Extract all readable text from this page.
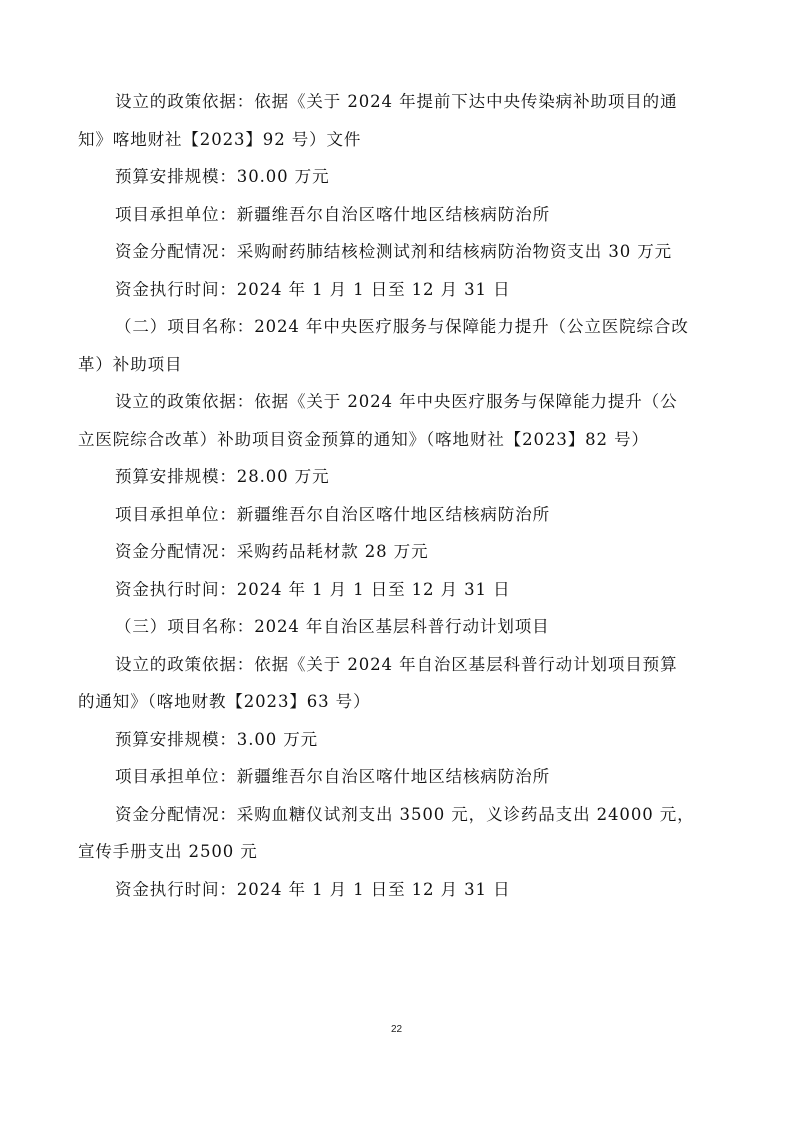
设立的政策依据：依据《关于 2024 年提前下达中央传染病补助项目的通

知》喀地财社【2023】92 号）文件

预算安排规模：30.00 万元

项目承担单位：新疆维吾尔自治区喀什地区结核病防治所

资金分配情况：采购耐药肺结核检测试剂和结核病防治物资支出 30 万元

资金执行时间：2024 年 1 月 1 日至 12 月 31 日

（二）项目名称：2024 年中央医疗服务与保障能力提升（公立医院综合改

革）补助项目

设立的政策依据：依据《关于 2024 年中央医疗服务与保障能力提升（公

立医院综合改革）补助项目资金预算的通知》（喀地财社【2023】82 号）

预算安排规模：28.00 万元

项目承担单位：新疆维吾尔自治区喀什地区结核病防治所

资金分配情况：采购药品耗材款 28 万元

资金执行时间：2024 年 1 月 1 日至 12 月 31 日

（三）项目名称：2024 年自治区基层科普行动计划项目

设立的政策依据：依据《关于 2024 年自治区基层科普行动计划项目预算

的通知》（喀地财教【2023】63 号）

预算安排规模：3.00 万元

项目承担单位：新疆维吾尔自治区喀什地区结核病防治所

资金分配情况：采购血糖仪试剂支出 3500 元，义诊药品支出 24000 元，

宣传手册支出 2500 元

资金执行时间：2024 年 1 月 1 日至 12 月 31 日

22
